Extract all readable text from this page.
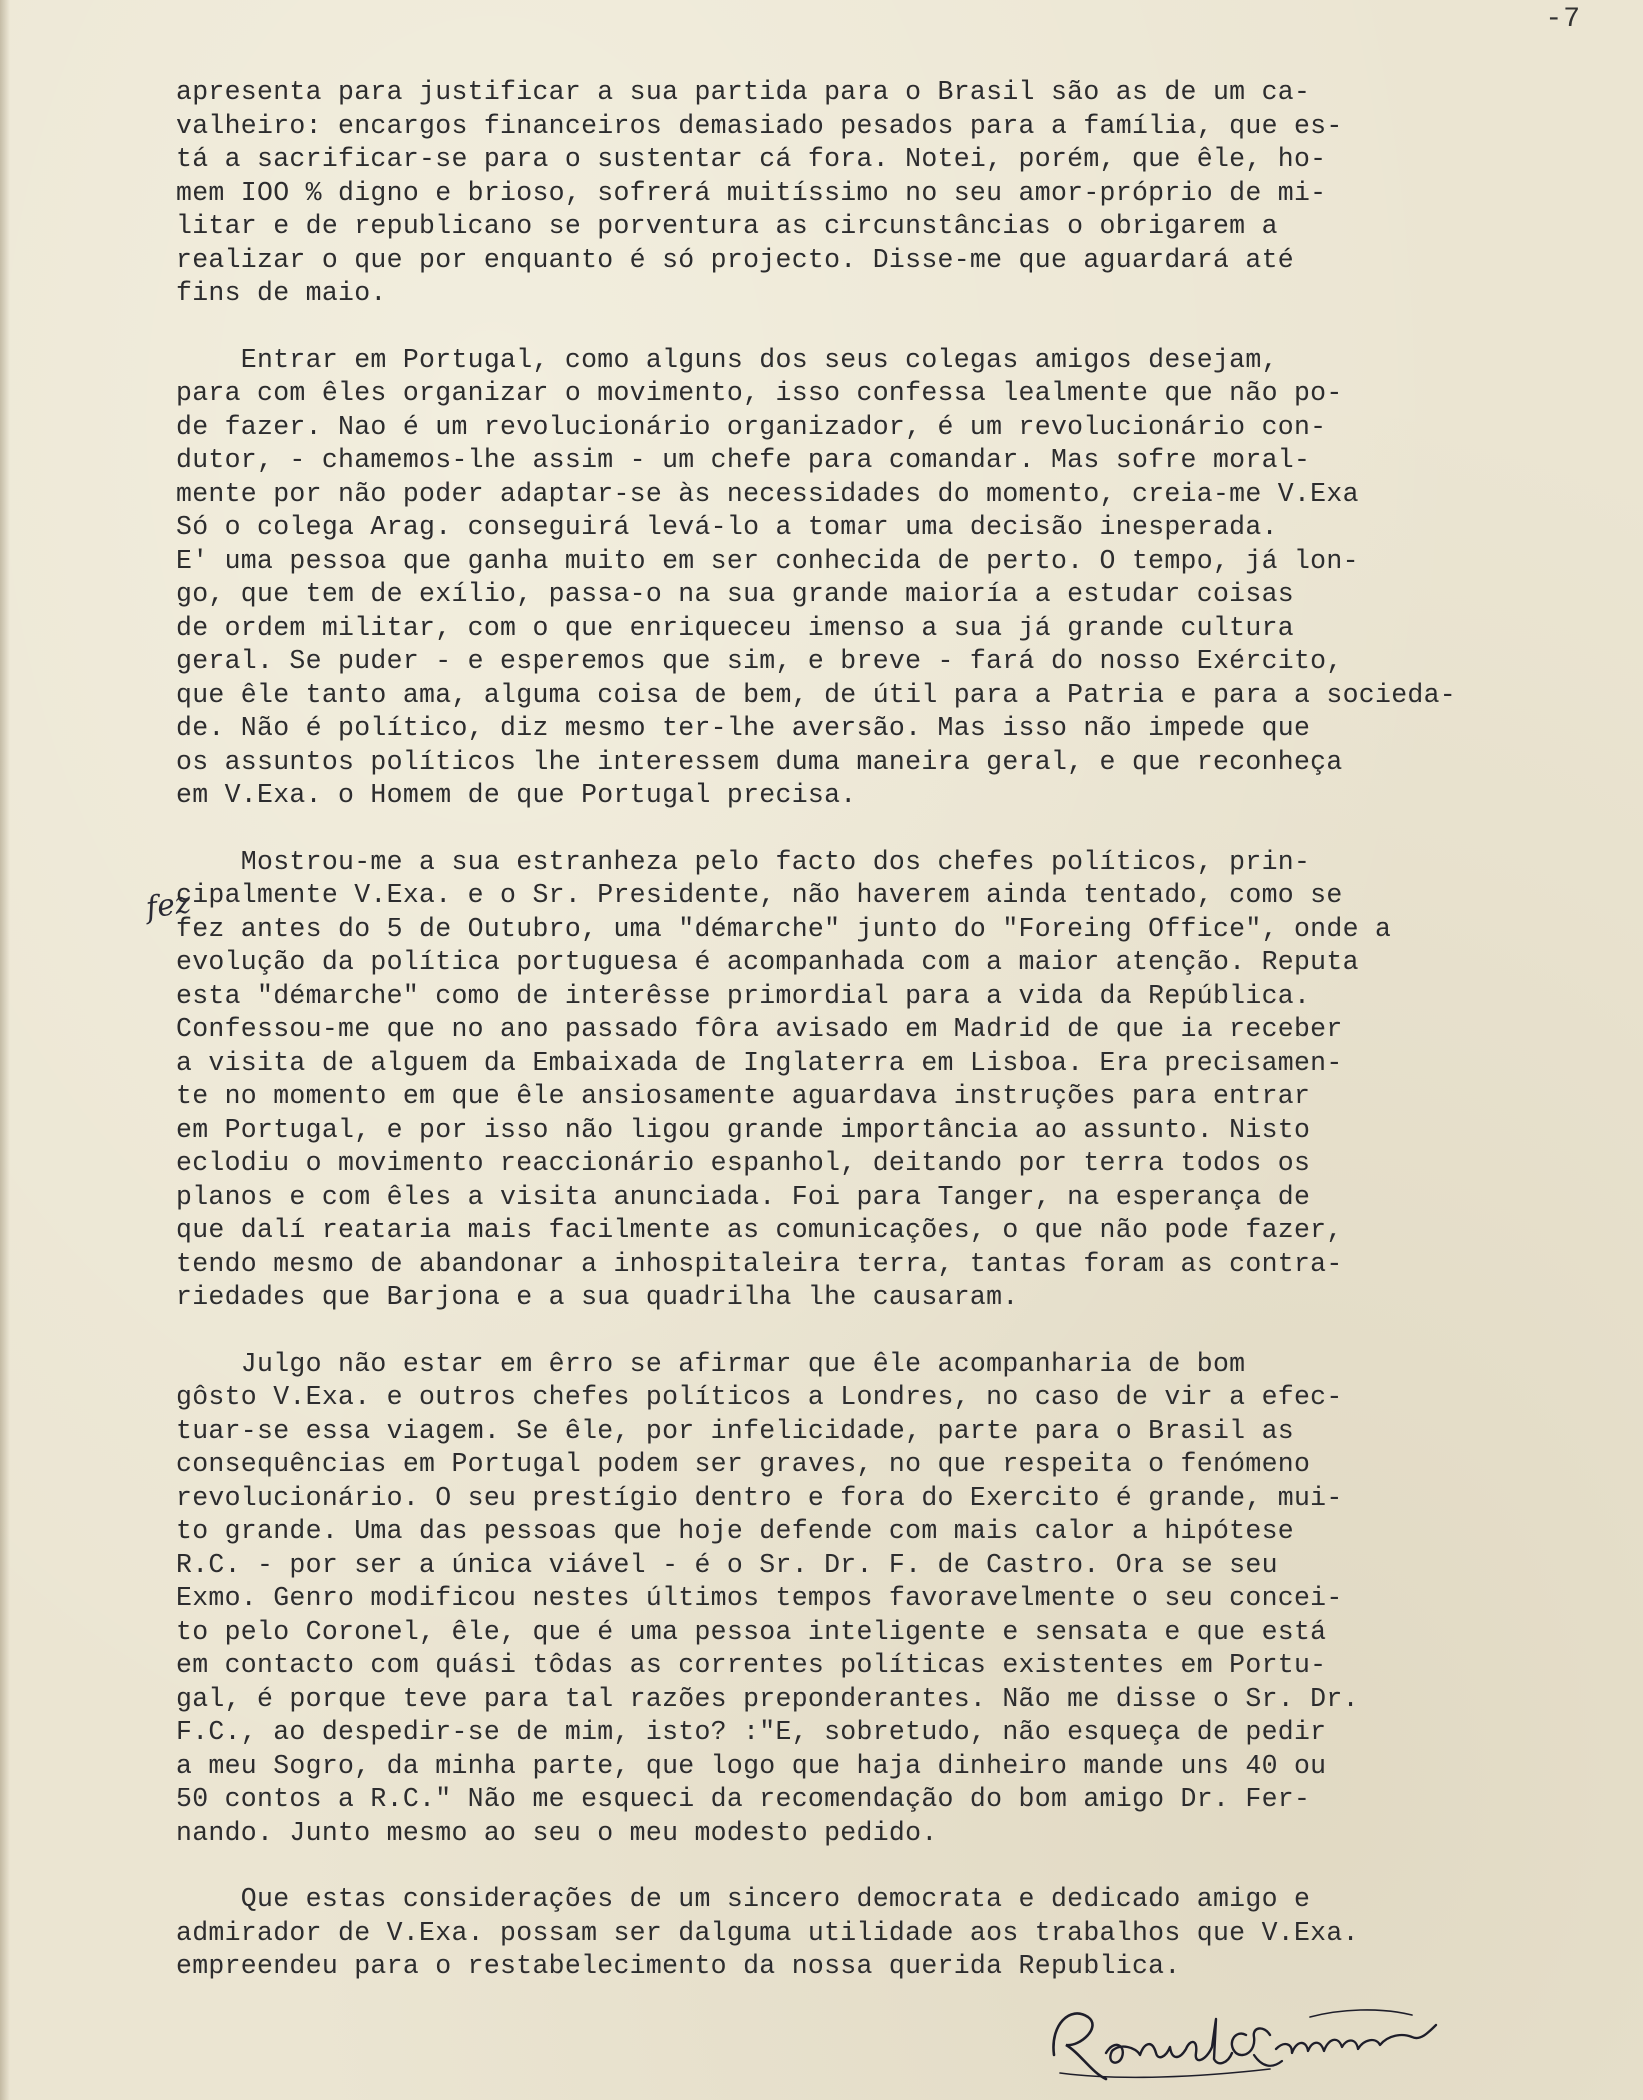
-7
fez
apresenta para justificar a sua partida para o Brasil são as de um ca-
valheiro: encargos financeiros demasiado pesados para a família, que es-
tá a sacrificar-se para o sustentar cá fora. Notei, porém, que êle, ho-
mem IOO % digno e brioso, sofrerá muitíssimo no seu amor-próprio de mi-
litar e de republicano se porventura as circunstâncias o obrigarem a
realizar o que por enquanto é só projecto. Disse-me que aguardará até
fins de maio.
Entrar em Portugal, como alguns dos seus colegas amigos desejam,
para com êles organizar o movimento, isso confessa lealmente que não po-
de fazer. Nao é um revolucionário organizador, é um revolucionário con-
dutor, - chamemos-lhe assim - um chefe para comandar. Mas sofre moral-
mente por não poder adaptar-se às necessidades do momento, creia-me V.Exa
Só o colega Arag. conseguirá levá-lo a tomar uma decisão inesperada.
E' uma pessoa que ganha muito em ser conhecida de perto. O tempo, já lon-
go, que tem de exílio, passa-o na sua grande maioría a estudar coisas
de ordem militar, com o que enriqueceu imenso a sua já grande cultura
geral. Se puder - e esperemos que sim, e breve - fará do nosso Exército,
que êle tanto ama, alguma coisa de bem, de útil para a Patria e para a socieda-
de. Não é político, diz mesmo ter-lhe aversão. Mas isso não impede que
os assuntos políticos lhe interessem duma maneira geral, e que reconheça
em V.Exa. o Homem de que Portugal precisa.
Mostrou-me a sua estranheza pelo facto dos chefes políticos, prin-
cipalmente V.Exa. e o Sr. Presidente, não haverem ainda tentado, como se
fez antes do 5 de Outubro, uma "démarche" junto do "Foreing Office", onde a
evolução da política portuguesa é acompanhada com a maior atenção. Reputa
esta "démarche" como de interêsse primordial para a vida da República.
Confessou-me que no ano passado fôra avisado em Madrid de que ia receber
a visita de alguem da Embaixada de Inglaterra em Lisboa. Era precisamen-
te no momento em que êle ansiosamente aguardava instruções para entrar
em Portugal, e por isso não ligou grande importância ao assunto. Nisto
eclodiu o movimento reaccionário espanhol, deitando por terra todos os
planos e com êles a visita anunciada. Foi para Tanger, na esperança de
que dalí reataria mais facilmente as comunicações, o que não pode fazer,
tendo mesmo de abandonar a inhospitaleira terra, tantas foram as contra-
riedades que Barjona e a sua quadrilha lhe causaram.
Julgo não estar em êrro se afirmar que êle acompanharia de bom
gôsto V.Exa. e outros chefes políticos a Londres, no caso de vir a efec-
tuar-se essa viagem. Se êle, por infelicidade, parte para o Brasil as
consequências em Portugal podem ser graves, no que respeita o fenómeno
revolucionário. O seu prestígio dentro e fora do Exercito é grande, mui-
to grande. Uma das pessoas que hoje defende com mais calor a hipótese
R.C. - por ser a única viável - é o Sr. Dr. F. de Castro. Ora se seu
Exmo. Genro modificou nestes últimos tempos favoravelmente o seu concei-
to pelo Coronel, êle, que é uma pessoa inteligente e sensata e que está
em contacto com quási tôdas as correntes políticas existentes em Portu-
gal, é porque teve para tal razões preponderantes. Não me disse o Sr. Dr.
F.C., ao despedir-se de mim, isto? :"E, sobretudo, não esqueça de pedir
a meu Sogro, da minha parte, que logo que haja dinheiro mande uns 40 ou
50 contos a R.C." Não me esqueci da recomendação do bom amigo Dr. Fer-
nando. Junto mesmo ao seu o meu modesto pedido.
Que estas considerações de um sincero democrata e dedicado amigo e
admirador de V.Exa. possam ser dalguma utilidade aos trabalhos que V.Exa.
empreendeu para o restabelecimento da nossa querida Republica.
